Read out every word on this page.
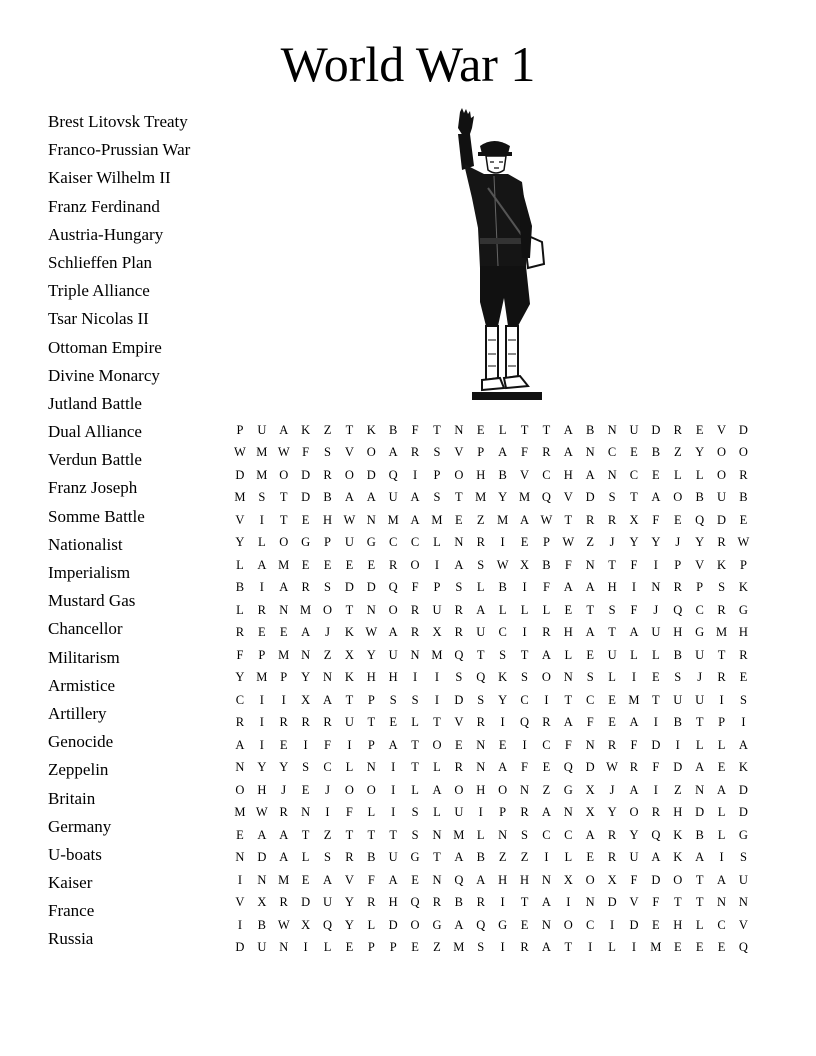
World War 1
Brest Litovsk Treaty
Franco-Prussian War
Kaiser Wilhelm II
Franz Ferdinand
Austria-Hungary
Schlieffen Plan
Triple Alliance
Tsar Nicolas II
Ottoman Empire
Divine Monarcy
Jutland Battle
Dual Alliance
Verdun Battle
Franz Joseph
Somme Battle
Nationalist
Imperialism
Mustard Gas
Chancellor
Militarism
Armistice
Artillery
Genocide
Zeppelin
Britain
Germany
U-boats
Kaiser
France
Russia
P	U	A	K	Z	T	K	B	F	T	N	E	L	T	T	A	B	N	U	D	R	E	V	D
W	M	W	F	S	V	O	A	R	S	V	P	A	F	R	A	N	C	E	B	Z	Y	O	O
D	M	O	D	R	O	D	Q	I	P	O	H	B	V	C	H	A	N	C	E	L	L	O	R
M	S	T	D	B	A	A	U	A	S	T	M	Y	M	Q	V	D	S	T	A	O	B	U	B
V	I	T	E	H	W	N	M	A	M	E	Z	M	A	W	T	R	R	X	F	E	Q	D	E
Y	L	O	G	P	U	G	C	C	L	N	R	I	E	P	W	Z	J	Y	Y	J	Y	R	W
L	A	M	E	E	E	E	R	O	I	A	S	W	X	B	F	N	T	F	I	P	V	K	P
B	I	A	R	S	D	D	Q	F	P	S	L	B	I	F	A	A	H	I	N	R	P	S	K
L	R	N	M	O	T	N	O	R	U	R	A	L	L	L	E	T	S	F	J	Q	C	R	G
R	E	E	A	J	K	W	A	R	X	R	U	C	I	R	H	A	T	A	U	H	G	M	H
F	P	M	N	Z	X	Y	U	N	M	Q	T	S	T	A	L	E	U	L	L	B	U	T	R
Y	M	P	Y	N	K	H	H	I	I	S	Q	K	S	O	N	S	L	I	E	S	J	R	E
C	I	I	X	A	T	P	S	S	I	D	S	Y	C	I	T	C	E	M	T	U	U	I	S
R	I	R	R	R	U	T	E	L	T	V	R	I	Q	R	A	F	E	A	I	B	T	P	I
A	I	E	I	F	I	P	A	T	O	E	N	E	I	C	F	N	R	F	D	I	L	L	A
N	Y	Y	S	C	L	N	I	T	L	R	N	A	F	E	Q	D	W	R	F	D	A	E	K
O	H	J	E	J	O	O	I	L	A	O	H	O	N	Z	G	X	J	A	I	Z	N	A	D
M	W	R	N	I	F	L	I	S	L	U	I	P	R	A	N	X	Y	O	R	H	D	L	D
E	A	A	T	Z	T	T	T	S	N	M	L	N	S	C	C	A	R	Y	Q	K	B	L	G
N	D	A	L	S	R	B	U	G	T	A	B	Z	Z	I	L	E	R	U	A	K	A	I	S
I	N	M	E	A	V	F	A	E	N	Q	A	H	H	N	X	O	X	F	D	O	T	A	U
V	X	R	D	U	Y	R	H	Q	R	B	R	I	T	A	I	N	D	V	F	T	T	N	N
I	B	W	X	Q	Y	L	D	O	G	A	Q	G	E	N	O	C	I	D	E	H	L	C	V
D	U	N	I	L	E	P	P	E	Z	M	S	I	R	A	T	I	L	I	M	E	E	E	Q
